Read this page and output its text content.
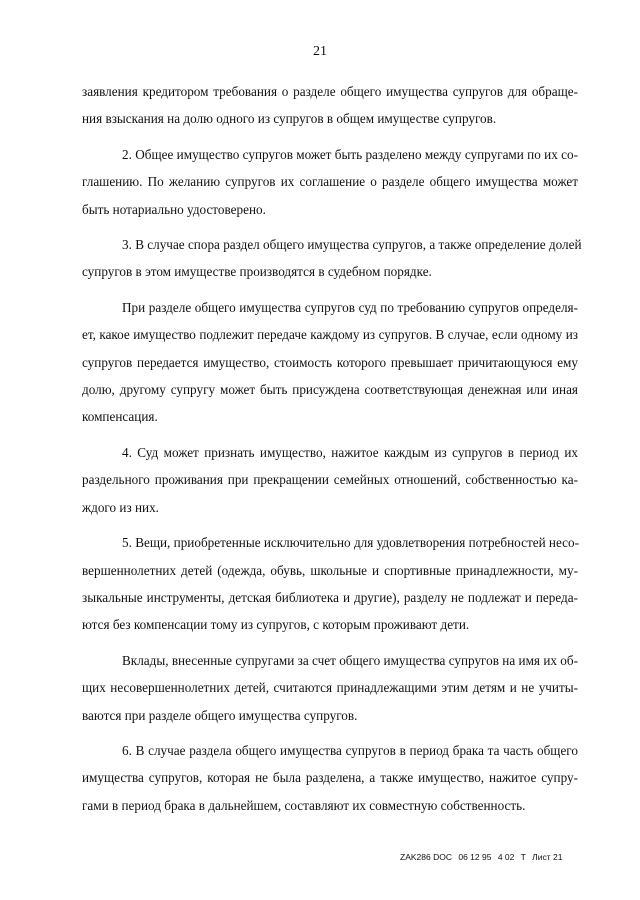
21
заявления кредитором требования о разделе общего имущества супругов для обраще-
ния взыскания на долю одного из супругов в общем имуществе супругов.
2. Общее имущество супругов может быть разделено между супругами по их со-
глашению. По желанию супругов их соглашение о разделе общего имущества может
быть нотариально удостоверено.
3. В случае спора раздел общего имущества супругов, а также определение долей
супругов в этом имуществе производятся в судебном порядке.
При разделе общего имущества супругов суд по требованию супругов определя-
ет, какое имущество подлежит передаче каждому из супругов. В случае, если одному из
супругов передается имущество, стоимость которого превышает причитающуюся ему
долю, другому супругу может быть присуждена соответствующая денежная или иная
компенсация.
4. Суд может признать имущество, нажитое каждым из супругов в период их
раздельного проживания при прекращении семейных отношений, собственностью ка-
ждого из них.
5. Вещи, приобретенные исключительно для удовлетворения потребностей несо-
вершеннолетних детей (одежда, обувь, школьные и спортивные принадлежности, му-
зыкальные инструменты, детская библиотека и другие), разделу не подлежат и переда-
ются без компенсации тому из супругов, с которым проживают дети.
Вклады, внесенные супругами за счет общего имущества супругов на имя их об-
щих несовершеннолетних детей, считаются принадлежащими этим детям и не учиты-
ваются при разделе общего имущества супругов.
6. В случае раздела общего имущества супругов в период брака та часть общего
имущества супругов, которая не была разделена, а также имущество, нажитое супру-
гами в период брака в дальнейшем, составляют их совместную собственность.
ZAK286 DOC 06 12 95 4 02 T Лист 21
